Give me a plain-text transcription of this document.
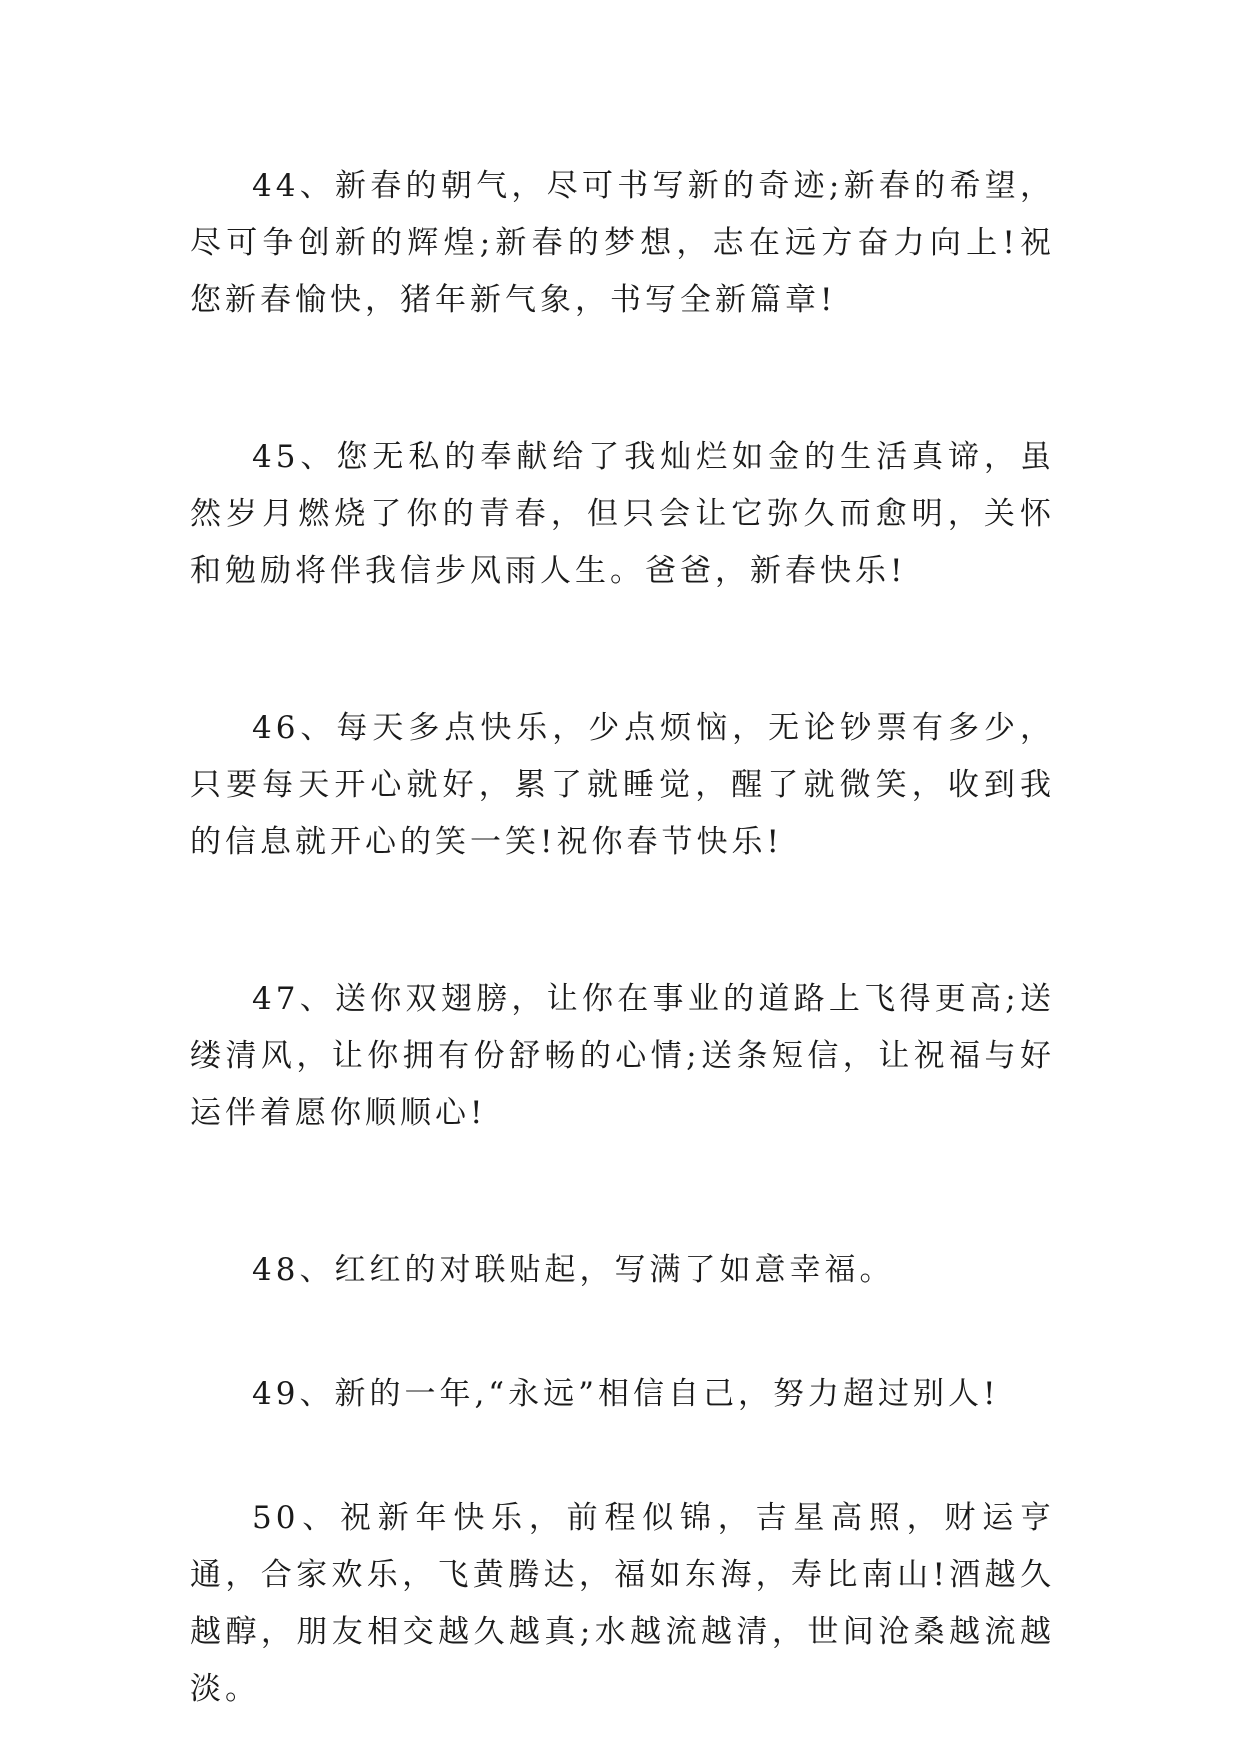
44、新春的朝气，尽可书写新的奇迹;新春的希望，尽可争创新的辉煌;新春的梦想，志在远方奋力向上!祝您新春愉快，猪年新气象，书写全新篇章!

45、您无私的奉献给了我灿烂如金的生活真谛，虽然岁月燃烧了你的青春，但只会让它弥久而愈明，关怀和勉励将伴我信步风雨人生。爸爸，新春快乐!

46、每天多点快乐，少点烦恼，无论钞票有多少，只要每天开心就好，累了就睡觉，醒了就微笑，收到我的信息就开心的笑一笑!祝你春节快乐!

47、送你双翅膀，让你在事业的道路上飞得更高;送缕清风，让你拥有份舒畅的心情;送条短信，让祝福与好运伴着愿你顺顺心!

48、红红的对联贴起，写满了如意幸福。

49、新的一年,“永远”相信自己，努力超过别人!

50、祝新年快乐，前程似锦，吉星高照，财运亨通，合家欢乐，飞黄腾达，福如东海，寿比南山!酒越久越醇，朋友相交越久越真;水越流越清，世间沧桑越流越淡。
